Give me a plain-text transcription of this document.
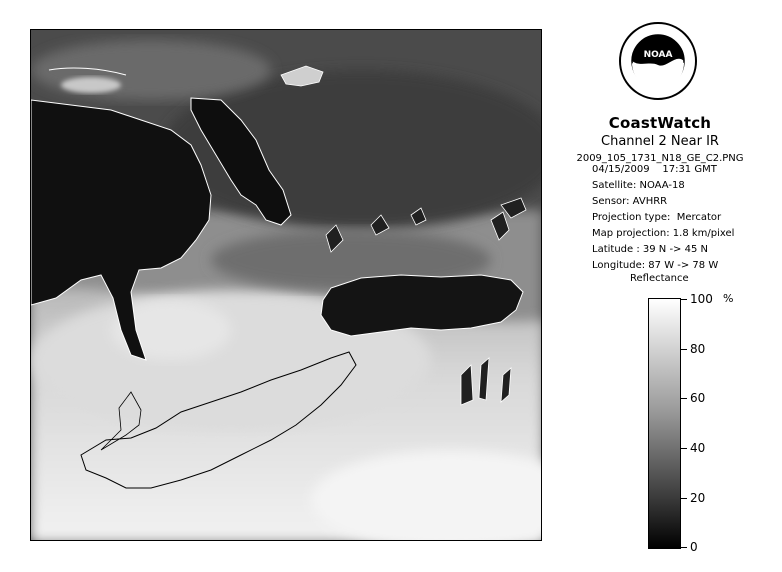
NOAA
CoastWatch
Channel 2 Near IR
2009_105_1731_N18_GE_C2.PNG
04/15/2009    17:31 GMT
Satellite: NOAA-18
Sensor: AVHRR
Projection type:  Mercator
Map projection: 1.8 km/pixel
Latitude : 39 N -> 45 N
Longitude: 87 W -> 78 W
Reflectance
%
100
80
60
40
20
0
